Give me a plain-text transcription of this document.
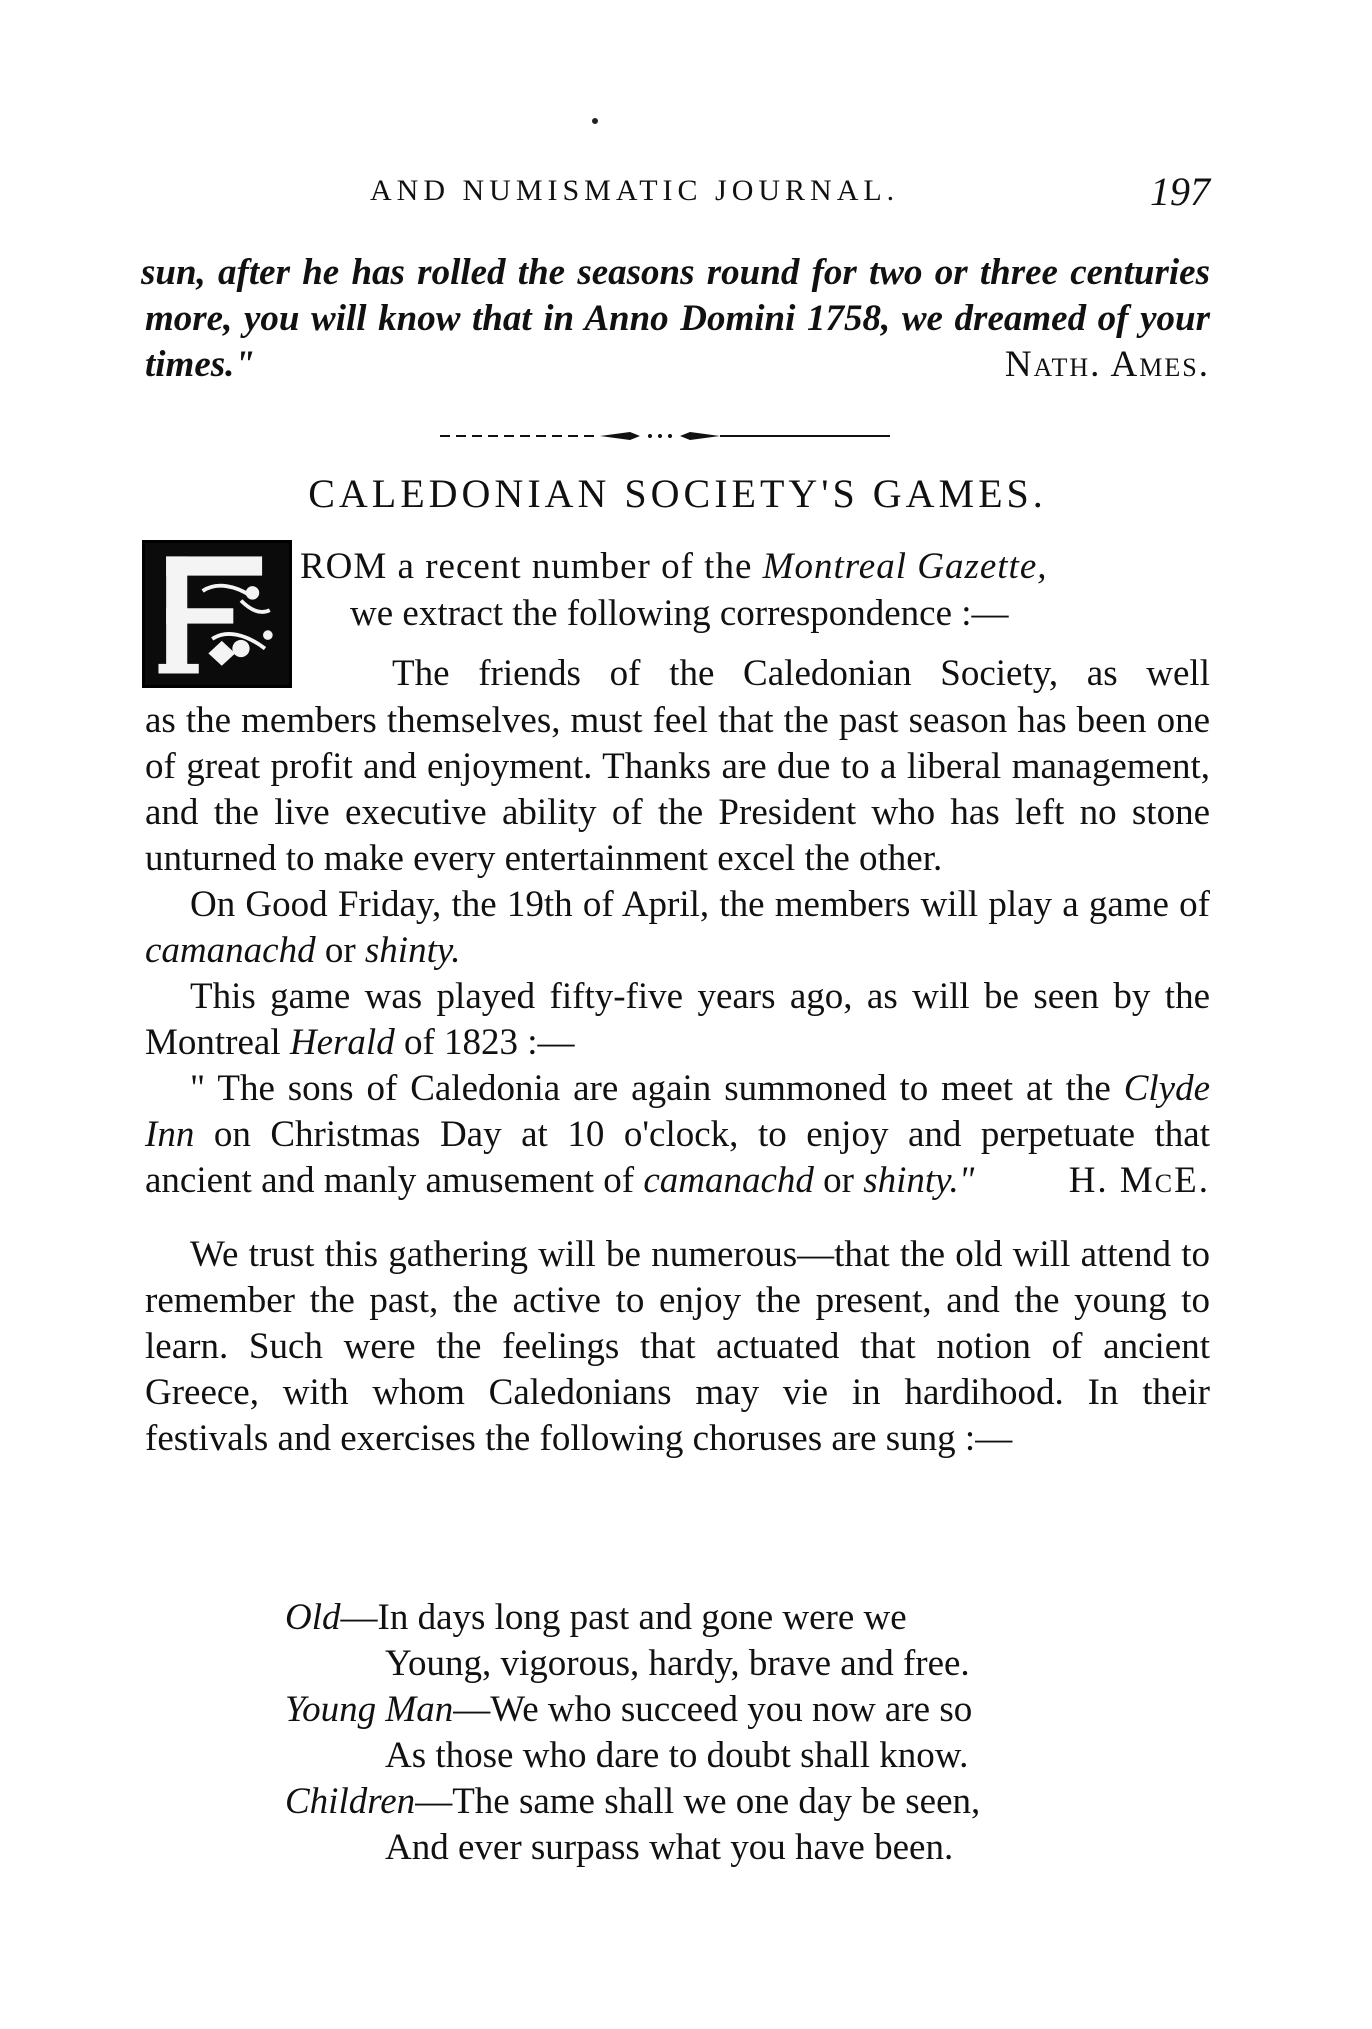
AND NUMISMATIC JOURNAL.	197
sun, after he has rolled the seasons round for two or three centuries more, you will know that in Anno Domini 1758, we dreamed of your times."	Nath. Ames.
CALEDONIAN SOCIETY'S GAMES.
ROM a recent number of the Montreal Gazette,
we extract the following correspondence :—
The friends of the Caledonian Society, as well

as the members themselves, must feel that the past season has been one of great profit and enjoyment. Thanks are due to a liberal management, and the live executive ability of the President who has left no stone unturned to make every entertainment excel the other.

On Good Friday, the 19th of April, the members will play a game of camanachd or shinty.

This game was played fifty-five years ago, as will be seen by the Montreal Herald of 1823 :—

" The sons of Caledonia are again summoned to meet at the Clyde Inn on Christmas Day at 10 o'clock, to enjoy and perpetuate that ancient and manly amusement of camanachd or shinty."	H. McE.

We trust this gathering will be numerous—that the old will attend to remember the past, the active to enjoy the present, and the young to learn. Such were the feelings that actuated that notion of ancient Greece, with whom Caledonians may vie in hardihood. In their festivals and exercises the following choruses are sung :—

Old—In days long past and gone were we
Young, vigorous, hardy, brave and free.
Young Man—We who succeed you now are so
As those who dare to doubt shall know.
Children—The same shall we one day be seen,
And ever surpass what you have been.
